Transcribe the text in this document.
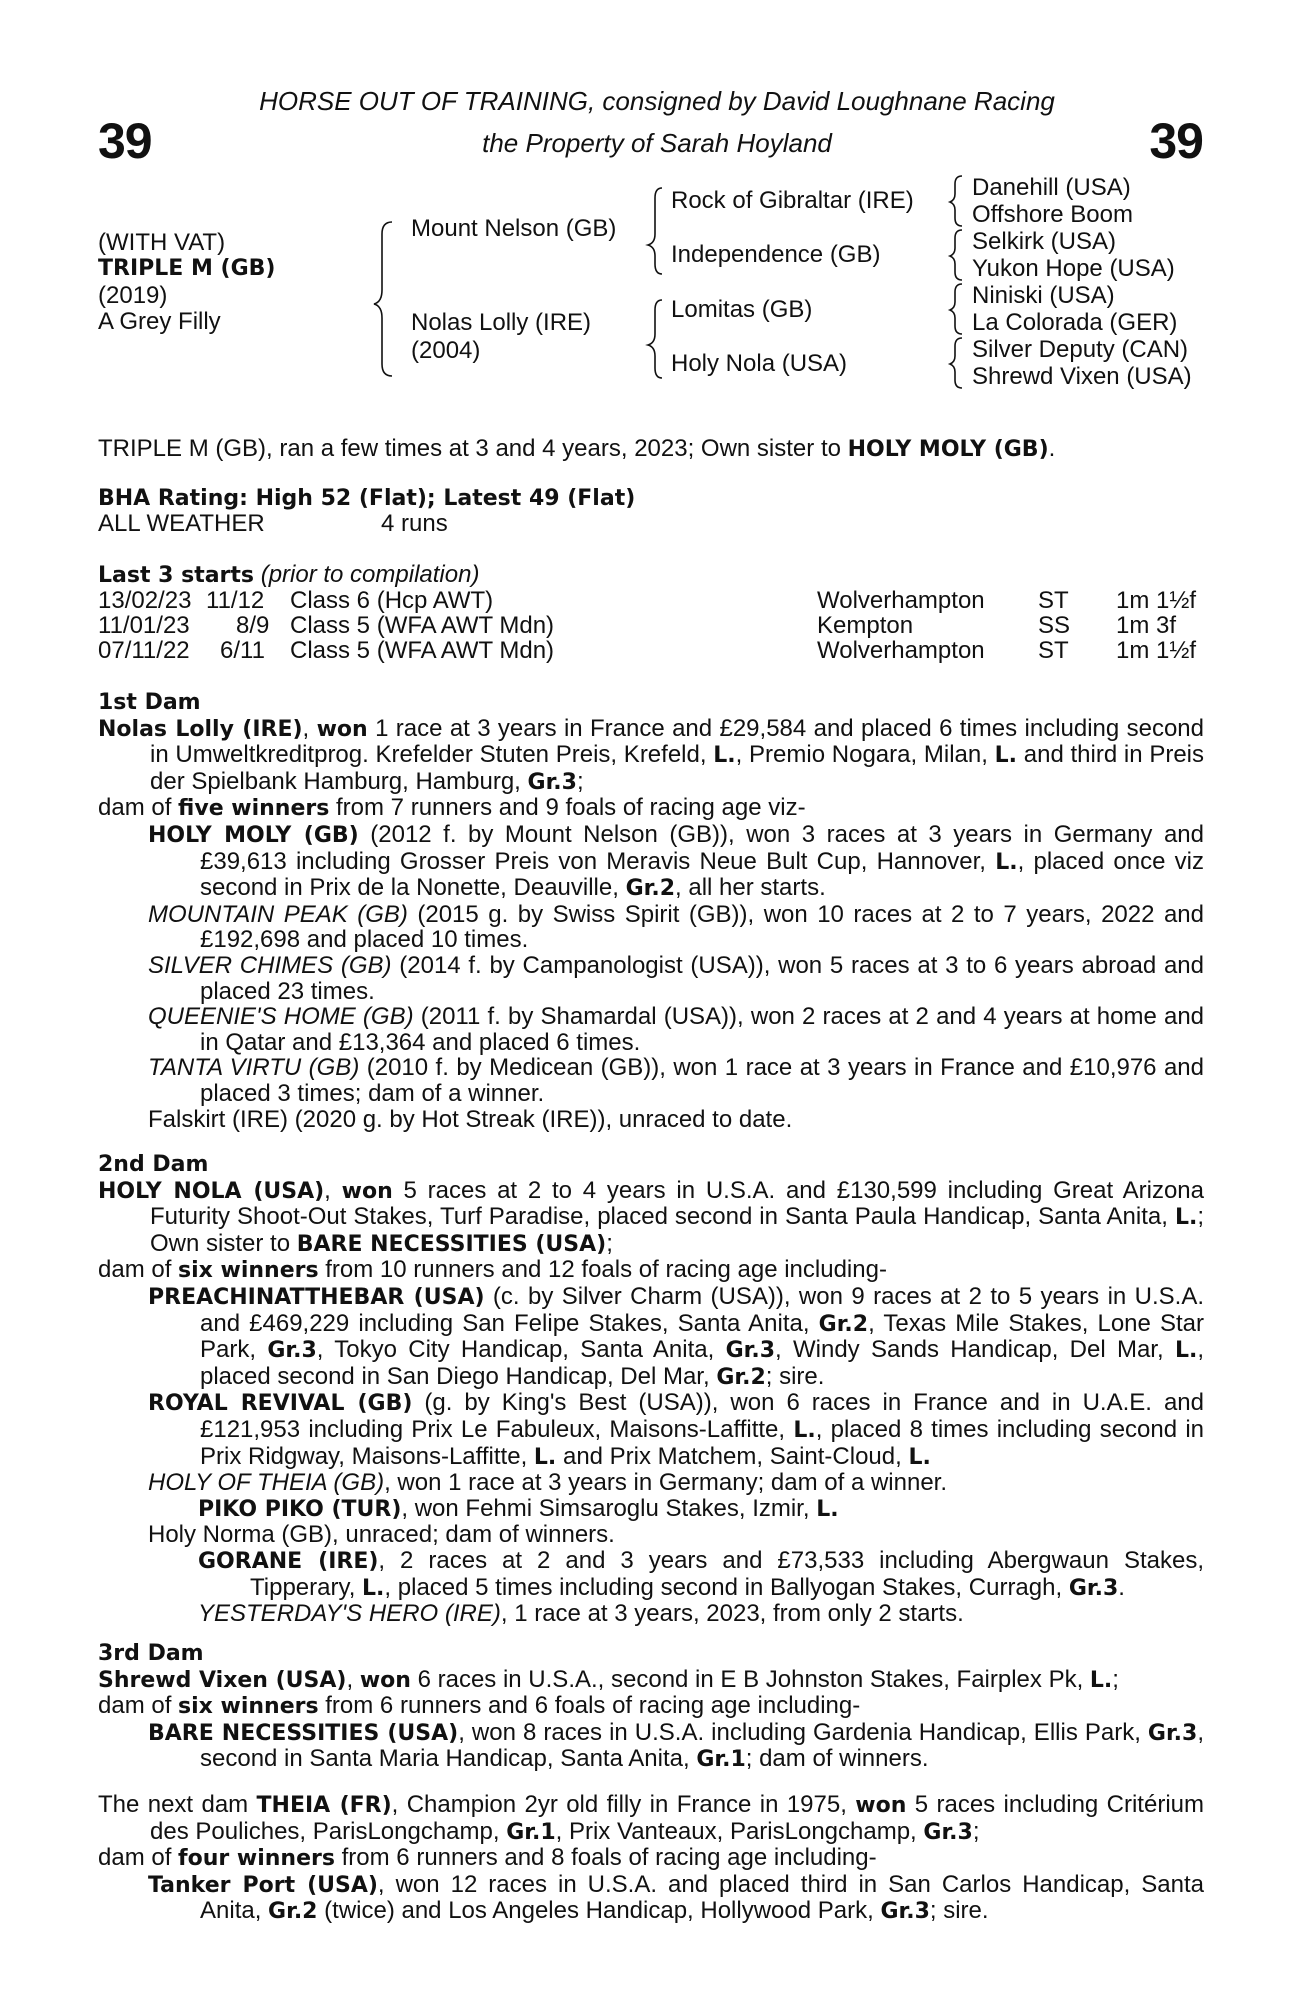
39	39
HORSE OUT OF TRAINING, consigned by David Loughnane Racing
the Property of Sarah Hoyland
(WITH VAT)
TRIPLE M (GB)
(2019)
A Grey Filly
Mount Nelson (GB)
Nolas Lolly (IRE)
(2004)
Rock of Gibraltar (IRE)
Independence (GB)
Lomitas (GB)
Holy Nola (USA)
Danehill (USA)
Offshore Boom
Selkirk (USA)
Yukon Hope (USA)
Niniski (USA)
La Colorada (GER)
Silver Deputy (CAN)
Shrewd Vixen (USA)
TRIPLE M (GB), ran a few times at 3 and 4 years, 2023; Own sister to HOLY MOLY (GB).
BHA Rating: High 52 (Flat); Latest 49 (Flat)
ALL WEATHER	4 runs
Last 3 starts (prior to compilation)
13/02/23 11/12 Class 6 (Hcp AWT)	Wolverhampton ST 1m 1½f
11/01/23 8/9 Class 5 (WFA AWT Mdn)	Kempton	SS 1m 3f
07/11/22 6/11 Class 5 (WFA AWT Mdn)	Wolverhampton ST 1m 1½f

1st Dam

Nolas Lolly (IRE), won 1 race at 3 years in France and £29,584 and placed 6 times including second in Umweltkreditprog. Krefelder Stuten Preis, Krefeld, L., Premio Nogara, Milan, L. and third in Preis der Spielbank Hamburg, Hamburg, Gr.3;

dam of five winners from 7 runners and 9 foals of racing age viz-

HOLY MOLY (GB) (2012 f. by Mount Nelson (GB)), won 3 races at 3 years in Germany and £39,613 including Grosser Preis von Meravis Neue Bult Cup, Hannover, L., placed once viz second in Prix de la Nonette, Deauville, Gr.2, all her starts.

MOUNTAIN PEAK (GB) (2015 g. by Swiss Spirit (GB)), won 10 races at 2 to 7 years, 2022 and £192,698 and placed 10 times.

SILVER CHIMES (GB) (2014 f. by Campanologist (USA)), won 5 races at 3 to 6 years abroad and placed 23 times.

QUEENIE'S HOME (GB) (2011 f. by Shamardal (USA)), won 2 races at 2 and 4 years at home and in Qatar and £13,364 and placed 6 times.

TANTA VIRTU (GB) (2010 f. by Medicean (GB)), won 1 race at 3 years in France and £10,976 and placed 3 times; dam of a winner.

Falskirt (IRE) (2020 g. by Hot Streak (IRE)), unraced to date.

2nd Dam

HOLY NOLA (USA), won 5 races at 2 to 4 years in U.S.A. and £130,599 including Great Arizona Futurity Shoot-Out Stakes, Turf Paradise, placed second in Santa Paula Handicap, Santa Anita, L.; Own sister to BARE NECESSITIES (USA);

dam of six winners from 10 runners and 12 foals of racing age including-

PREACHINATTHEBAR (USA) (c. by Silver Charm (USA)), won 9 races at 2 to 5 years in U.S.A. and £469,229 including San Felipe Stakes, Santa Anita, Gr.2, Texas Mile Stakes, Lone Star Park, Gr.3, Tokyo City Handicap, Santa Anita, Gr.3, Windy Sands Handicap, Del Mar, L., placed second in San Diego Handicap, Del Mar, Gr.2; sire.

ROYAL REVIVAL (GB) (g. by King's Best (USA)), won 6 races in France and in U.A.E. and £121,953 including Prix Le Fabuleux, Maisons-Laffitte, L., placed 8 times including second in Prix Ridgway, Maisons-Laffitte, L. and Prix Matchem, Saint-Cloud, L.

HOLY OF THEIA (GB), won 1 race at 3 years in Germany; dam of a winner.

PIKO PIKO (TUR), won Fehmi Simsaroglu Stakes, Izmir, L.

Holy Norma (GB), unraced; dam of winners.

GORANE (IRE), 2 races at 2 and 3 years and £73,533 including Abergwaun Stakes, Tipperary, L., placed 5 times including second in Ballyogan Stakes, Curragh, Gr.3.

YESTERDAY'S HERO (IRE), 1 race at 3 years, 2023, from only 2 starts.

3rd Dam

Shrewd Vixen (USA), won 6 races in U.S.A., second in E B Johnston Stakes, Fairplex Pk, L.;

dam of six winners from 6 runners and 6 foals of racing age including-

BARE NECESSITIES (USA), won 8 races in U.S.A. including Gardenia Handicap, Ellis Park, Gr.3, second in Santa Maria Handicap, Santa Anita, Gr.1; dam of winners.

The next dam THEIA (FR), Champion 2yr old filly in France in 1975, won 5 races including Critérium des Pouliches, ParisLongchamp, Gr.1, Prix Vanteaux, ParisLongchamp, Gr.3;

dam of four winners from 6 runners and 8 foals of racing age including-

Tanker Port (USA), won 12 races in U.S.A. and placed third in San Carlos Handicap, Santa Anita, Gr.2 (twice) and Los Angeles Handicap, Hollywood Park, Gr.3; sire.
